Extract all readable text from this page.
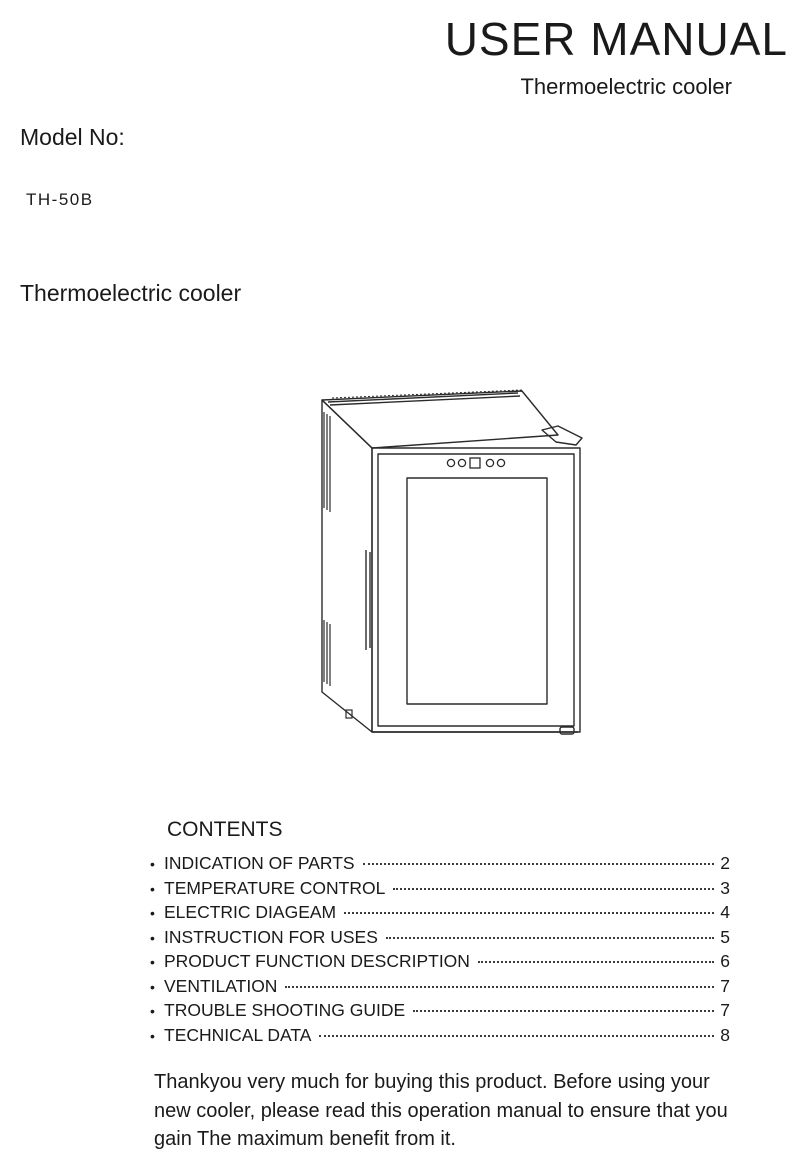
USER MANUAL
Thermoelectric cooler
Model No:
TH-50B
Thermoelectric cooler
CONTENTS
• INDICATION OF PARTS	2
• TEMPERATURE CONTROL	3
• ELECTRIC DIAGEAM	4
• INSTRUCTION FOR USES	5
• PRODUCT FUNCTION DESCRIPTION	6
• VENTILATION	7
• TROUBLE SHOOTING GUIDE	7
• TECHNICAL DATA	8

Thankyou very much for buying this product. Before using your new cooler, please read this operation manual to ensure that you gain The maximum benefit from it.
